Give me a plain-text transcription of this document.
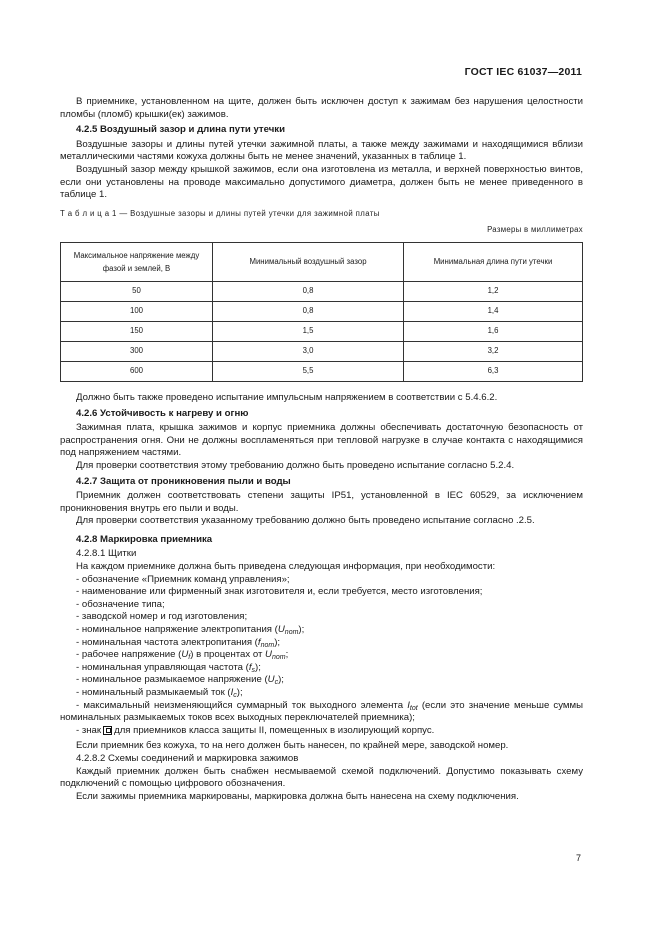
ГОСТ IEC 61037—2011

В приемнике, установленном на щите, должен быть исключен доступ к зажимам без нарушения целостности пломбы (пломб) крышки(ек) зажимов.

4.2.5 Воздушный зазор и длина пути утечки

Воздушные зазоры и длины путей утечки зажимной платы, а также между зажимами и находящимися вблизи металлическими частями кожуха должны быть не менее значений, указанных в таблице 1.

Воздушный зазор между крышкой зажимов, если она изготовлена из металла, и верхней поверхностью винтов, если они установлены на проводе максимально допустимого диаметра, должен быть не менее приведенного в таблице 1.

Т а б л и ц а 1 — Воздушные зазоры и длины путей утечки для зажимной платы
Размеры в миллиметрах
Максимальное напряжение между фазой и землей, В	Минимальный воздушный зазор	Минимальная длина пути утечки
50	0,8	1,2
100	0,8	1,4
150	1,5	1,6
300	3,0	3,2
600	5,5	6,3

Должно быть также проведено испытание импульсным напряжением в соответствии с 5.4.6.2.

4.2.6 Устойчивость к нагреву и огню

Зажимная плата, крышка зажимов и корпус приемника должны обеспечивать достаточную безопасность от распространения огня. Они не должны воспламеняться при тепловой нагрузке в случае контакта с находящимися под напряжением частями.

Для проверки соответствия этому требованию должно быть проведено испытание согласно 5.2.4.

4.2.7 Защита от проникновения пыли и воды

Приемник должен соответствовать степени защиты IP51, установленной в IEC 60529, за исключением проникновения внутрь его пыли и воды.

Для проверки соответствия указанному требованию должно быть проведено испытание согласно .2.5.

4.2.8 Маркировка приемника
4.2.8.1 Щитки

На каждом приемнике должна быть приведена следующая информация, при необходимости:

- обозначение «Приемник команд управления»;
- наименование или фирменный знак изготовителя и, если требуется, место изготовления;
- обозначение типа;
- заводской номер и год изготовления;
- номинальное напряжение электропитания $(U_{nom})$;
- номинальная частота электропитания $(f_{nom})$;
- рабочее напряжение $(U_f)$ в процентах от $U_{nom}$;
- номинальная управляющая частота $(f_s)$;
- номинальное размыкаемое напряжение $(U_c)$;
- номинальный размыкаемый ток $(I_c)$;

- максимальный неизменяющийся суммарный ток выходного элемента $I_{tot}$ (если это значение меньше суммы номинальных размыкаемых токов всех выходных переключателей приемника);

- знак для приемников класса защиты II, помещенных в изолирующий корпус.

Если приемник без кожуха, то на него должен быть нанесен, по крайней мере, заводской номер.

4.2.8.2 Схемы соединений и маркировка зажимов

Каждый приемник должен быть снабжен несмываемой схемой подключений. Допустимо показывать схему подключений с помощью цифрового обозначения.

Если зажимы приемника маркированы, маркировка должна быть нанесена на схему подключения.

7
